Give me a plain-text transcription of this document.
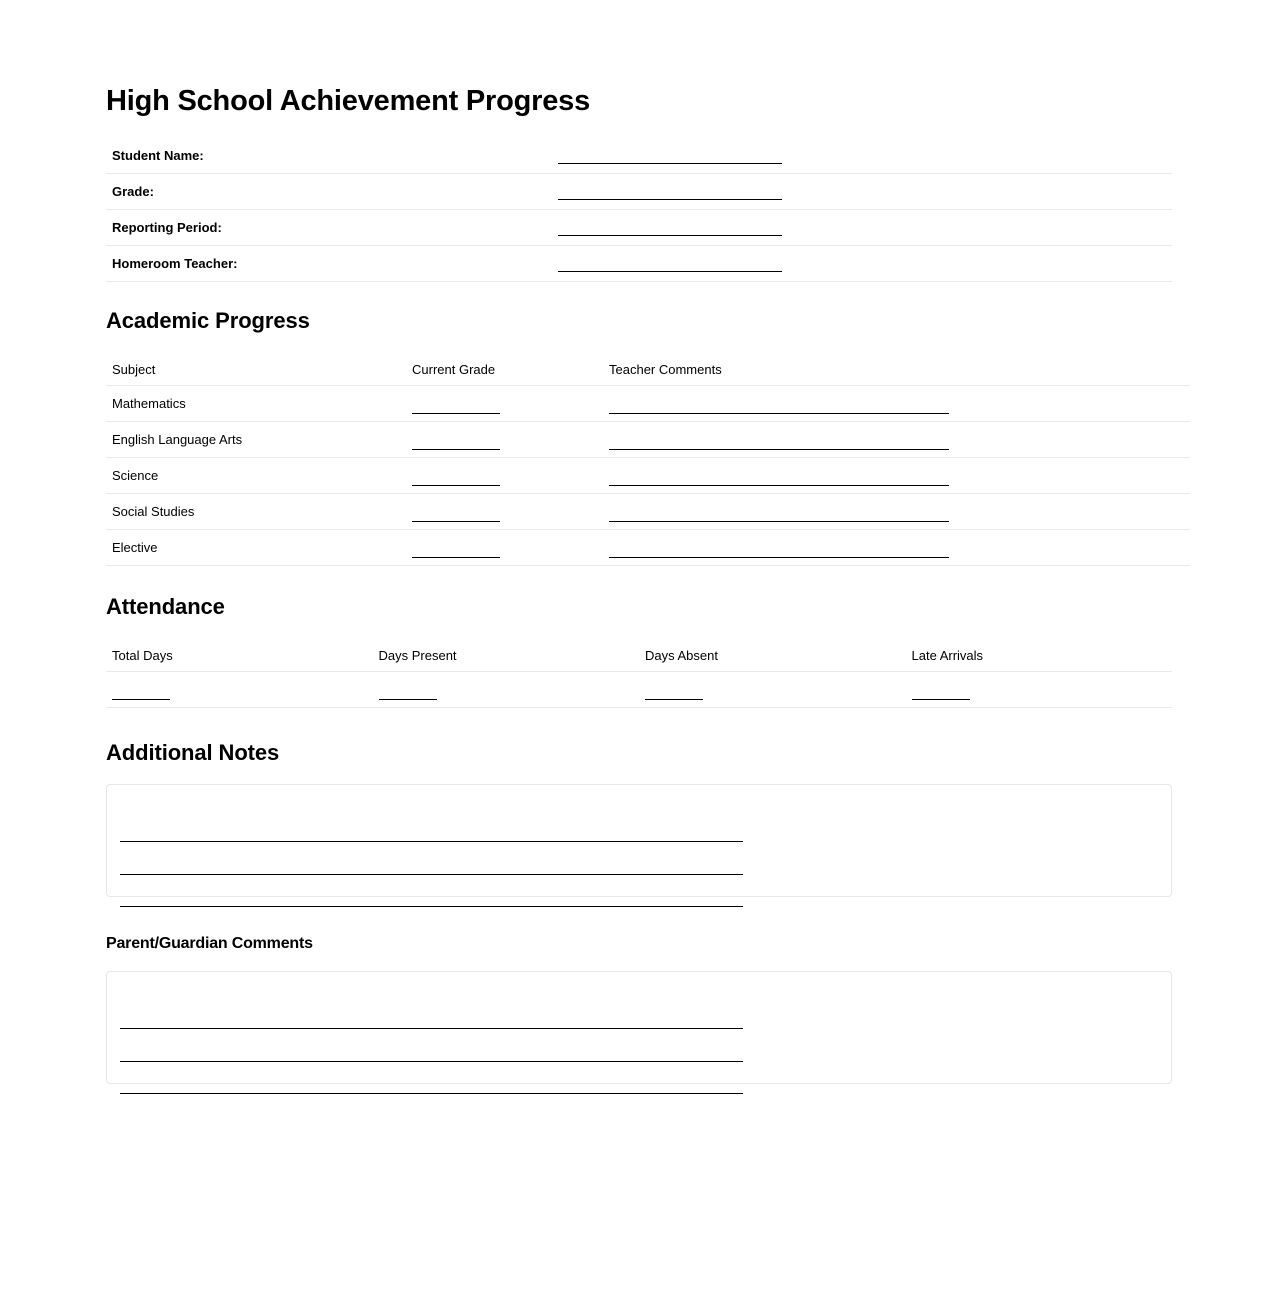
High School Achievement Progress
Student Name:	
Grade:	
Reporting Period:	
Homeroom Teacher:	
Academic Progress
Subject	Current Grade	Teacher Comments
Mathematics		
English Language Arts		
Science		
Social Studies		
Elective		
Attendance
Total Days	Days Present	Days Absent	Late Arrivals

Additional Notes
Parent/Guardian Comments
